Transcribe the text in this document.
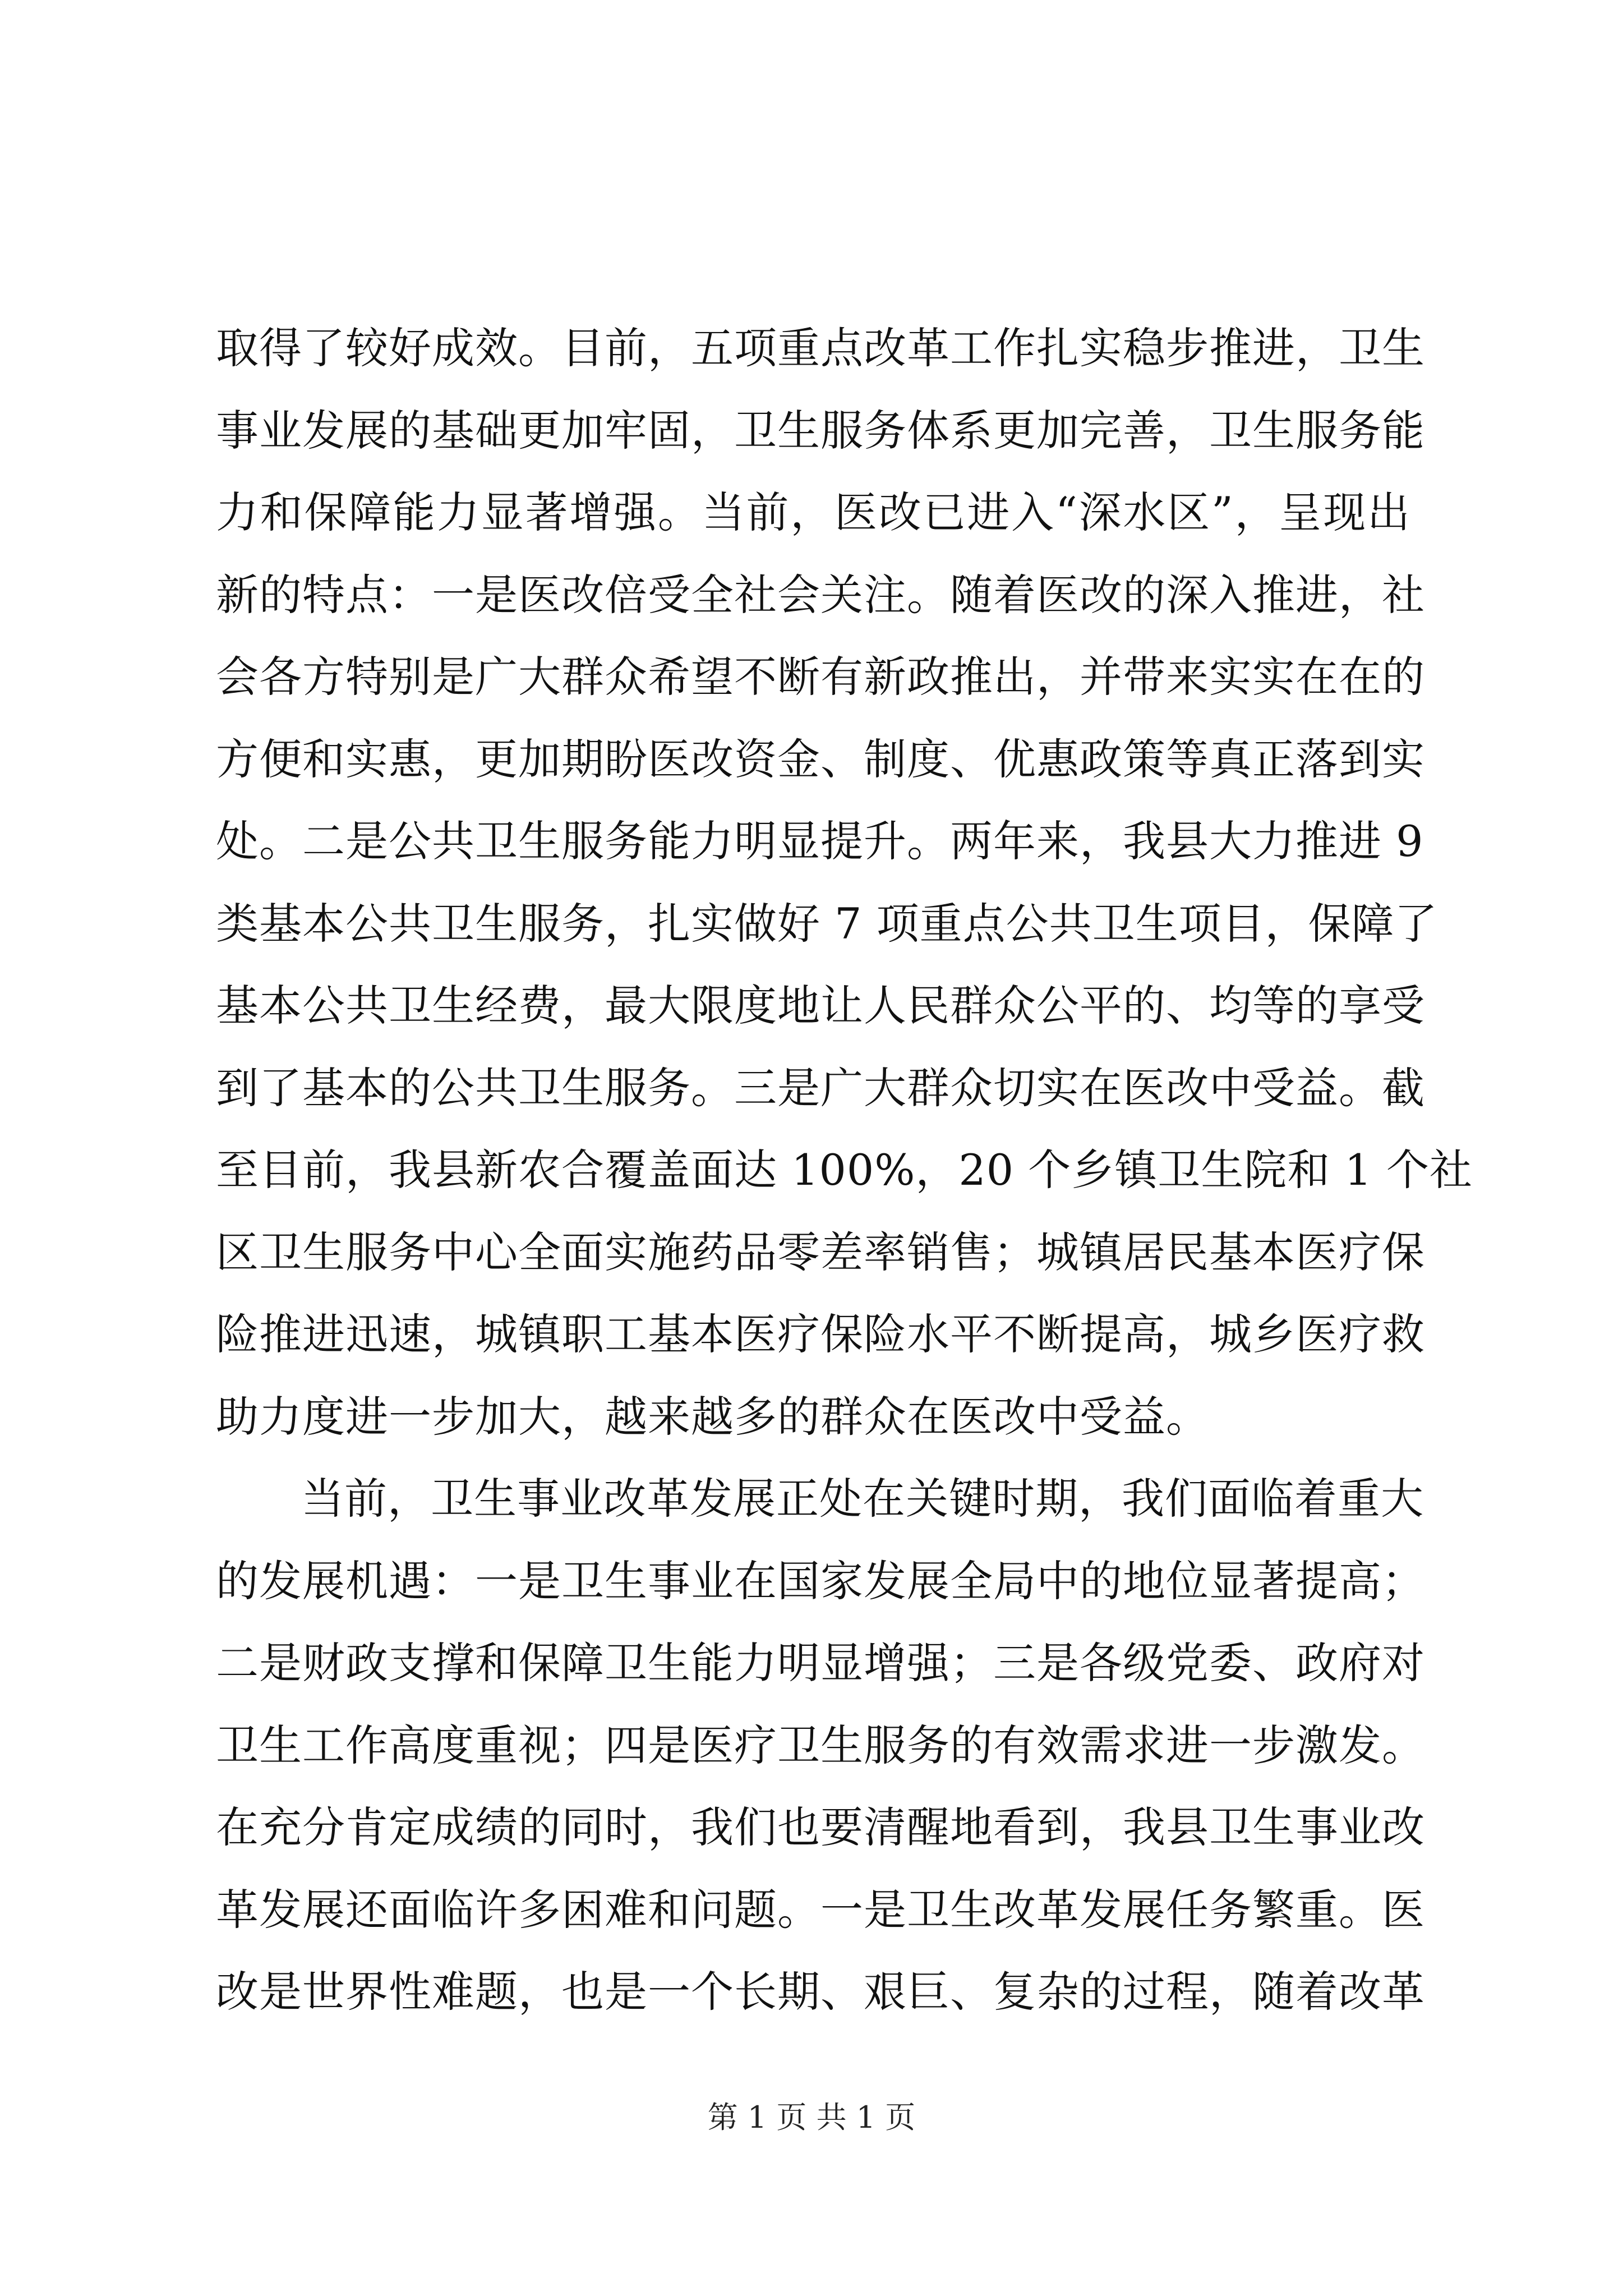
取得了较好成效。目前，五项重点改革工作扎实稳步推进，卫生
事业发展的基础更加牢固，卫生服务体系更加完善，卫生服务能
力和保障能力显著增强。当前，医改已进入“深水区”，呈现出
新的特点：一是医改倍受全社会关注。随着医改的深入推进，社
会各方特别是广大群众希望不断有新政推出，并带来实实在在的
方便和实惠，更加期盼医改资金、制度、优惠政策等真正落到实
处。二是公共卫生服务能力明显提升。两年来，我县大力推进 9
类基本公共卫生服务，扎实做好 7 项重点公共卫生项目，保障了
基本公共卫生经费，最大限度地让人民群众公平的、均等的享受
到了基本的公共卫生服务。三是广大群众切实在医改中受益。截
至目前，我县新农合覆盖面达 100%，20 个乡镇卫生院和 1 个社
区卫生服务中心全面实施药品零差率销售；城镇居民基本医疗保
险推进迅速，城镇职工基本医疗保险水平不断提高，城乡医疗救
助力度进一步加大，越来越多的群众在医改中受益。
当前，卫生事业改革发展正处在关键时期，我们面临着重大
的发展机遇：一是卫生事业在国家发展全局中的地位显著提高；
二是财政支撑和保障卫生能力明显增强；三是各级党委、政府对
卫生工作高度重视；四是医疗卫生服务的有效需求进一步激发。
在充分肯定成绩的同时，我们也要清醒地看到，我县卫生事业改
革发展还面临许多困难和问题。一是卫生改革发展任务繁重。医
改是世界性难题，也是一个长期、艰巨、复杂的过程，随着改革
第 1 页 共 1 页
